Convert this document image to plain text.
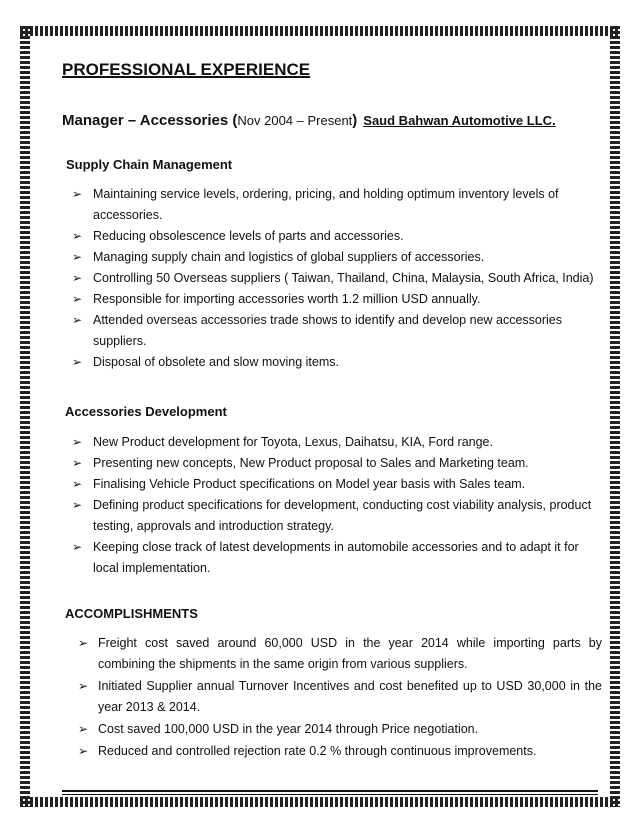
PROFESSIONAL EXPERIENCE
Manager – Accessories (Nov 2004 – Present) Saud Bahwan Automotive LLC.
Supply Chain Management
➢ Maintaining service levels, ordering, pricing, and holding optimum inventory levels of accessories.
➢ Reducing obsolescence levels of parts and accessories.
➢ Managing supply chain and logistics of global suppliers of accessories.
➢ Controlling 50 Overseas suppliers ( Taiwan, Thailand, China, Malaysia, South Africa, India)
➢ Responsible for importing accessories worth 1.2 million USD annually.
➢ Attended overseas accessories trade shows to identify and develop new accessories suppliers.
➢ Disposal of obsolete and slow moving items.
Accessories Development
➢ New Product development for Toyota, Lexus, Daihatsu, KIA, Ford range.
➢ Presenting new concepts, New Product proposal to Sales and Marketing team.
➢ Finalising Vehicle Product specifications on Model year basis with Sales team.
➢ Defining product specifications for development, conducting cost viability analysis, product testing, approvals and introduction strategy.
➢ Keeping close track of latest developments in automobile accessories and to adapt it for local implementation.
ACCOMPLISHMENTS
➢ Freight cost saved around 60,000 USD in the year 2014 while importing parts by combining the shipments in the same origin from various suppliers.
➢ Initiated Supplier annual Turnover Incentives and cost benefited up to USD 30,000 in the year 2013 & 2014.
➢ Cost saved 100,000 USD in the year 2014 through Price negotiation.
➢ Reduced and controlled rejection rate 0.2 % through continuous improvements.
